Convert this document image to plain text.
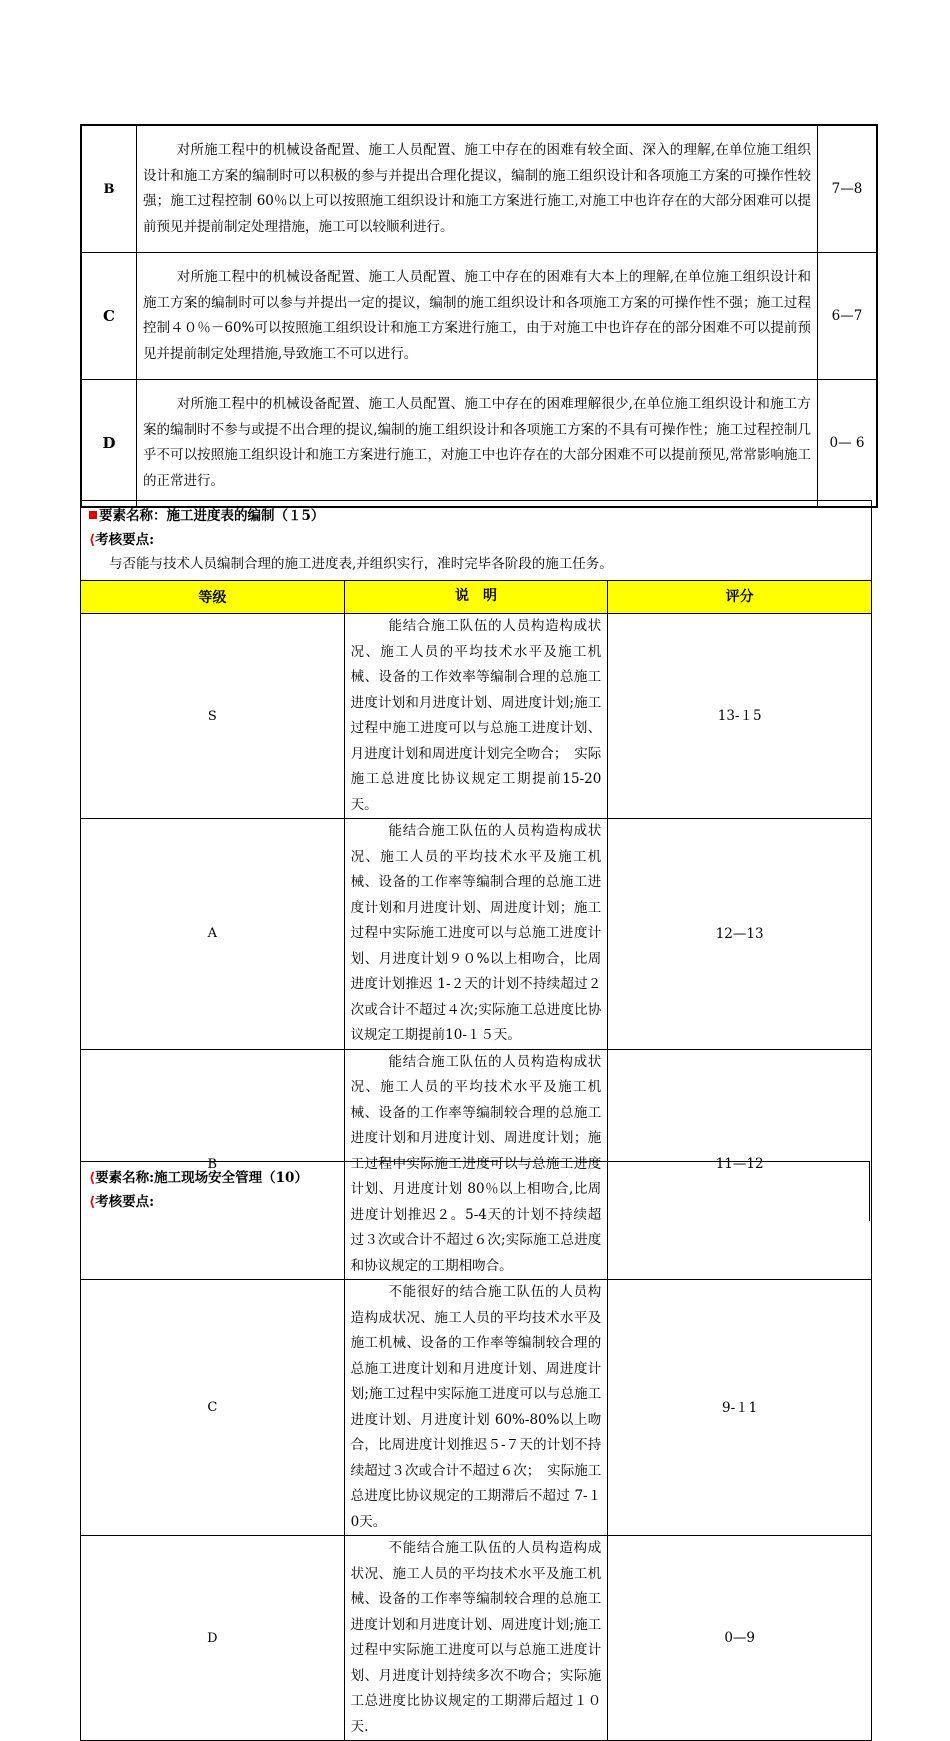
B	对所施工程中的机械设备配置、施工人员配置、施工中存在的困难有较全面、深入的理解,在单位施工组织设计和施工方案的编制时可以积极的参与并提出合理化提议，编制的施工组织设计和各项施工方案的可操作性较强；施工过程控制 60％以上可以按照施工组织设计和施工方案进行施工,对施工中也许存在的大部分困难可以提前预见并提前制定处理措施，施工可以较顺利进行。	7—8
C	对所施工程中的机械设备配置、施工人员配置、施工中存在的困难有大本上的理解,在单位施工组织设计和施工方案的编制时可以参与并提出一定的提议，编制的施工组织设计和各项施工方案的可操作性不强；施工过程控制４０％－60%可以按照施工组织设计和施工方案进行施工，由于对施工中也许存在的部分困难不可以提前预见并提前制定处理措施,导致施工不可以进行。	6—7
D	对所施工程中的机械设备配置、施工人员配置、施工中存在的困难理解很少,在单位施工组织设计和施工方案的编制时不参与或提不出合理的提议,编制的施工组织设计和各项施工方案的不具有可操作性；施工过程控制几乎不可以按照施工组织设计和施工方案进行施工，对施工中也许存在的大部分困难不可以提前预见,常常影响施工的正常进行。	0— 6
要素名称：施工进度表的编制（１5）
⟨考核要点:
与否能与技术人员编制合理的施工进度表,并组织实行，准时完毕各阶段的施工任务。		

等级	说　明	评分
S	能结合施工队伍的人员构造构成状况、施工人员的平均技术水平及施工机械、设备的工作效率等编制合理的总施工进度计划和月进度计划、周进度计划;施工过程中施工进度可以与总施工进度计划、月进度计划和周进度计划完全吻合；　实际施工总进度比协议规定工期提前15-20天。	13-１5
A	能结合施工队伍的人员构造构成状况、施工人员的平均技术水平及施工机械、设备的工作率等编制合理的总施工进度计划和月进度计划、周进度计划；施工过程中实际施工进度可以与总施工进度计划、月进度计划９０%以上相吻合，比周进度计划推迟 1-２天的计划不持续超过２次或合计不超过４次;实际施工总进度比协议规定工期提前10-１５天。	12—13
B	能结合施工队伍的人员构造构成状况、施工人员的平均技术水平及施工机械、设备的工作率等编制较合理的总施工进度计划和月进度计划、周进度计划；施工过程中实际施工进度可以与总施工进度计划、月进度计划 80％以上相吻合,比周进度计划推迟２。5-4天的计划不持续超过３次或合计不超过６次;实际施工总进度和协议规定的工期相吻合。	11—12
C	不能很好的结合施工队伍的人员构造构成状况、施工人员的平均技术水平及施工机械、设备的工作率等编制较合理的总施工进度计划和月进度计划、周进度计划;施工过程中实际施工进度可以与总施工进度计划、月进度计划 60%-80%以上吻合，比周进度计划推迟５-７天的计划不持续超过３次或合计不超过６次；　实际施工总进度比协议规定的工期滞后不超过 7-１0天。	9-１1
D	不能结合施工队伍的人员构造构成状况、施工人员的平均技术水平及施工机械、设备的工作率等编制较合理的总施工进度计划和月进度计划、周进度计划;施工过程中实际施工进度可以与总施工进度计划、月进度计划持续多次不吻合；实际施工总进度比协议规定的工期滞后超过１０天.	0—9
⟨要素名称:施工现场安全管理（10）
⟨考核要点:
